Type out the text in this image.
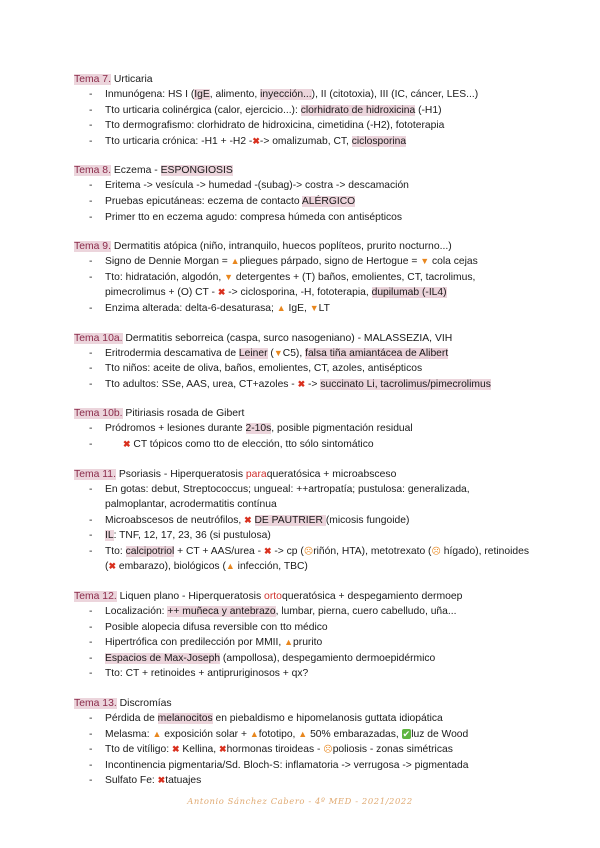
Tema 7. Urticaria
- Inmunógena: HS I (IgE, alimento, inyección...), II (citotoxia), III (IC, cáncer, LES...)
- Tto urticaria colinérgica (calor, ejercicio...): clorhidrato de hidroxicina (-H1)
- Tto dermografismo: clorhidrato de hidroxicina, cimetidina (-H2), fototerapia
- Tto urticaria crónica: -H1 + -H2 -✖-> omalizumab, CT, ciclosporina
Tema 8. Eczema - ESPONGIOSIS
- Eritema -> vesícula -> humedad -(subag)-> costra -> descamación
- Pruebas epicutáneas: eczema de contacto ALÉRGICO
- Primer tto en eczema agudo: compresa húmeda con antisépticos
Tema 9. Dermatitis atópica (niño, intranquilo, huecos poplíteos, prurito nocturno...)
- Signo de Dennie Morgan = ▲pliegues párpado, signo de Hertogue = ▼ cola cejas
- Tto: hidratación, algodón, ▼ detergentes + (T) baños, emolientes, CT, tacrolimus, pimecrolimus + (O) CT - ✖ -> ciclosporina, -H, fototerapia, dupilumab (-IL4)
- Enzima alterada: delta-6-desaturasa; ▲ IgE, ▼LT
Tema 10a. Dermatitis seborreica (caspa, surco nasogeniano) - MALASSEZIA, VIH
- Eritrodermia descamativa de Leiner (▼C5), falsa tiña amiantácea de Alibert
- Tto niños: aceite de oliva, baños, emolientes, CT, azoles, antisépticos
- Tto adultos: SSe, AAS, urea, CT+azoles - ✖ -> succinato Li, tacrolimus/pimecrolimus
Tema 10b. Pitiriasis rosada de Gibert
- Pródromos + lesiones durante 2-10s, posible pigmentación residual
- ✖ CT tópicos como tto de elección, tto sólo sintomático
Tema 11. Psoriasis - Hiperqueratosis paraqueratósica + microabsceso
- En gotas: debut, Streptococcus; ungueal: ++artropatía; pustulosa: generalizada, palmoplantar, acrodermatitis contínua
- Microabscesos de neutrófilos, ✖ DE PAUTRIER (micosis fungoide)
- IL: TNF, 12, 17, 23, 36 (si pustulosa)
- Tto: calcipotriol + CT + AAS/urea - ✖ -> cp (☹riñón, HTA), metotrexato (☹ hígado), retinoides (✖ embarazo), biológicos (▲ infección, TBC)
Tema 12. Liquen plano - Hiperqueratosis ortoqueratósica + despegamiento dermoep
- Localización: ++ muñeca y antebrazo, lumbar, pierna, cuero cabelludo, uña...
- Posible alopecia difusa reversible con tto médico
- Hipertrófica con predilección por MMII, ▲prurito
- Espacios de Max-Joseph (ampollosa), despegamiento dermoepidérmico
- Tto: CT + retinoides + antipruriginosos + qx?
Tema 13. Discromías
- Pérdida de melanocitos en piebaldismo e hipomelanosis guttata idiopática
- Melasma: ▲ exposición solar + ▲fototipo, ▲ 50% embarazadas, ✔luz de Wood
- Tto de vitíligo: ✖ Kellina, ✖hormonas tiroideas - ☹poliosis - zonas simétricas
- Incontinencia pigmentaria/Sd. Bloch-S: inflamatoria -> verrugosa -> pigmentada
- Sulfato Fe: ✖tatuajes
Antonio Sánchez Cabero - 4º MED - 2021/2022
